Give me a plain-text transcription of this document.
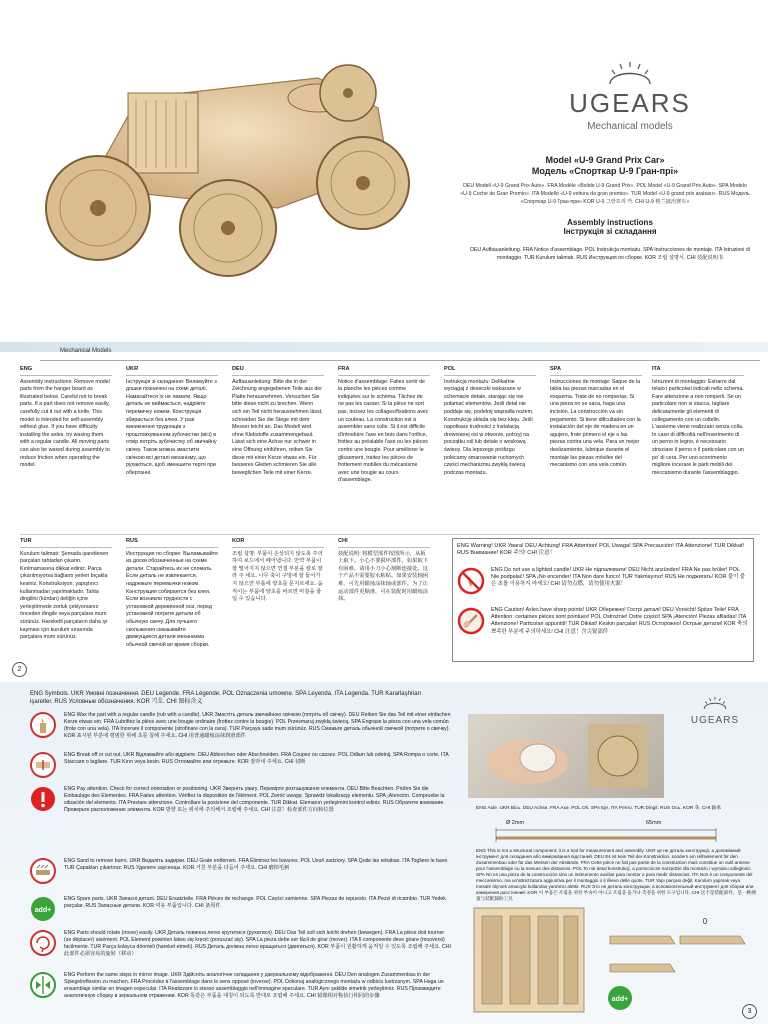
UGEARS
Mechanical models
Model «U-9 Grand Prix Car»
Модель «Спорткар U-9 Гран-прі»
DEU Modell «U-9 Grand Prix Auto». FRA Modèle «Bolide U-9 Grand Prix». POL Model «U-9 Grand Prix Auto». SPA Modelo «U-9 Coche de Gran Premio». ITA Modello «U-9 vettura da gran premio». TUR Model «U-9 grand prix arabası». RUS Модель «Спорткар U-9 Гран-при» KOR U-9 그랑프리 카. CHI U-9 格兰披治赛车»
Assembly instructions
Інструкція зі складання
DEU Aufbauanleitung. FRA Notice d'assemblage. POL Instrukcja montażu. SPA Instrucciones de montaje. ITA Istruzioni di montaggio. TUR Kurulum talimatı. RUS Инструкция по сборке. KOR 조립 설명서. CHI 装配说明书
Mechanical Models
ENG
Assembly instructions: Remove model parts from the hanger board as illustrated below. Careful not to break parts. If a part does not remove easily, carefully cut it out with a knife. This model is intended for self-assembly without glue. If you have difficulty installing the axles, try waxing them with a regular candle. All moving parts can also be waxed during assembly to reduce friction when operating the model.
UKR
Інструкція зі складання: Виламуйте з дошки позначені на схемі деталі. Намагайтеся їх не ламати. Якщо деталь не виймається, надріжте перемичку ножем. Конструкція збирається без клею. У разі виникнення труднощів з проштовхуванням зубочистки (вісі) в отвір потріть зубочистку об звичайну свічку. Також можна змастити свічкою всі деталі механізму, що рухаються, щоб зменшити тертя при обертанні.
DEU
Aufbauanleitung: Bitte die in der Zeichnung angegebenen Teile aus der Platte herausnehmen. Versuchen Sie bitte diese nicht zu brechen. Wenn sich ein Teil nicht herausnehmen lässt, schneiden Sie die Stege mit dem Messer leicht an. Das Modell wird ohne Klebstoffe zusammengebaut. Lässt sich eine Achse nur schwer in eine Öffnung einführen, reiben Sie diese mit einer Kerze etwas ein. Für besseres Gleiten schmieren Sie alle beweglichen Teile mit einer Kerze.
FRA
Notice d'assemblage: Faites sortir de la planche les pièces comme indiquées sur le schéma. Tâchez de ne pas les casser. Si la pièce ne sort pas, incisez les collages/fixations avec un couteau. La construction est à assembler sans colle. Si il est difficile d'introduire l'axe en bois dans l'orifice, frottez au préalable l'axe ou les pièces contre une bougie. Pour améliorer le glissement, traitez les pièces de frottement mobiles du mécanisme avec une bougie au cours d'assemblage.
POL
Instrukcja montażu: Delikatnie wyciągaj z deseczki wskazane w schemacie detale, starając się nie połamać elementów. Jeśli detal nie poddaje się, podetnij wiązadła nożem. Konstrukcję składa się bez kleju. Jeśli napotkasz trudności z instalacją drewnianej osi w otworze, potrzyj na początku ośl lub detale o woskową świecę. Dla lepszego poślizgu polecamy smarowanie ruchomych części mechanizmu zwykłą świecą podczas montażu.
SPA
Instrucciones de montaje: Saque de la tabla las piezas marcadas en el esquema. Trate de no romperlas. Si una pieza no se saca, haga una incisión. La construcción va sin pegamento. Si tiene dificultades con la instalación del eje de madera en un agujero, frote primero el eje o las piezas contra una vela. Para un mejor deslizamiento, lubrique durante el montaje las piezas móviles del mecanismo con una vela común.
ITA
Istruzioni di montaggio: Estrarre dal telaio i particolari indicati nello schema. Fare attenzione a non romperli. Se un particolare non si stacca, tagliare delicatamente gli elementi di collegamento con un coltello. L'assieme viene realizzato senza colla. In caso di difficoltà nell'inserimento di un perno in legno, è necessario strisciare il perno o il particolare con un po' di cera. Per uno scorrimento migliore incerare le parti mobili del meccanismo durante l'assemblaggio.
TUR
Kurulum talimatı: Şemada işaretlenen parçaları tahtadan çıkarın. Kırılmamasına dikkat ediniz. Parça çıkarılmıyorsa bağlantı yerleri bıçakla kesiniz. Konstruksiyon, yapıştırıcı kullanmadan yapılmaktadır. Tahta dingilini (kürdan) deliğin içine yerleştirmede zorluk çekiyorsanız önceden dingile veya parçalara mum sürünüz. Hareketli parçaların daha iyi kayması için kurulum sırasında parçalara mum sürünüz.
RUS
Инструкция по сборке: Выламывайте из доски обозначенные на схеме детали. Старайтесь их не сломать. Если деталь не извлекается, надрежьте перемычки ножом. Конструкция собирается без клея. Если возникли трудности с установкой деревянной оси, перед установкой потрите детали об обычную свечу. Для лучшего скольжения смазывайте движущиеся детали механизма обычной свечой во время сборки.
KOR
조립 설명: 부품이 손상되지 않도록 주의하여 보드에서 떼어냅니다. 만약 부품이 잘 떨어지지 않으면 연결 부분을 칼로 잘라 주 세요. 나무 축이 구멍에 잘 들어가지 않으면 부품에 양초를 문지르세요. 움직이는 부품에 양초를 바르면 마찰을 줄일 수 있습니다.
CHI
装配说明: 将模型部件按图所示，从板上取下。小心不要损坏部件。如果取下有困难，请用小刀小心割断连接处。这个产品不需要胶水粘贴。如果安装轴困难，可先用蜡烛涂抹轴或部件。为了让运动部件更顺滑，可在装配时用蜡烛涂抹。
ENG Warning! UKR Увага! DEU Achtung! FRA Attention! POL Uwaga! SPA Precaución! ITA Attenzione! TUR Dikkat! RUS Внимание! KOR 주의! CHI 注意！
ENG Do not use a lighted candle! UKR Не підпалювати! DEU Nicht anzünden! FRA Ne pas brûler! POL Nie podpalać! SPA ¡No encender! ITA Non dare fuoco! TUR Yakmayınız! RUS Не поджигать! KOR 불이 붙은 초를 이용하지 마세요! CHI 请勿点燃，请勿使用火源！
ENG Caution! Axles have sharp points! UKR Обережно! Гострі деталі! DEU Vorsicht! Spitze Teile! FRA Attention: certaines pièces sont pointues! POL Ostrożnie! Ostre części! SPA ¡Atención! Piezas afiladas! ITA Attenzione! Particolari appuntiti! TUR Dikkat! Keskin parçalar! RUS Осторожно! Острые детали! KOR 축의 뾰족한 부분에 주의하세요! CHI 注意！含尖锐部件
2
ENG Symbols. UKR Умовні позначення. DEU Legende. FRA Légende. POL Oznaczenia umowne. SPA Leyenda. ITA Legenda. TUR Kararlaşhrian işaretler. RUS Условные обозначения. KOR 기호. CHI 图标含义
ENG Wax the part with a regular candle (rub with a candle). UKR Змастіть деталь звичайною свічкою (потріть об свічку). DEU Reiben Sie das Teil mit einer einfachen Kerze etwas ein. FRA Lubrifiez la pièce avec une bougie ordinaire (frottez contre la bougie). POL Przesmaruj zwykłą świecą. SPA Engrase la pieza con una vela común (frote con una vela). ITA Incerare il componente (strofinare con la cera). TUR Parçaya sade mum sürünüz. RUS Смажьте деталь обычной свечкой (потрите о свечку). KOR 표시된 부분에 평범한 위해 초를 칠해 주세요. CHI 用普通蜡烛涂抹润滑部件
ENG Break off or cut out. UKR Відламайте або відріжте. DEU Abbrechen oder Abschneiden. FRA Coupez ou cassez. POL Odłam lub odetnij. SPA Rompa o corte. ITA Staccare o tagliare. TUR Kırın veya kesin. RUS Отломайте или отрежьте. KOR 잘라내 주세요. CHI 切断
ENG Pay attention. Check for correct orientation or positioning. UKR Зверніть увагу. Перевірте розташування елемента. DEU Bitte Beachten. Prüfen Sie die Einbaulage des Elementes. FRA Faites attention. Vérifiez la disposition de l'élément. POL Zwróć uwagę. Sprawdź lokalizację elementu. SPA ¡Atención. Compruebe la situación del elemento. ITA Prestare attenzione. Controllare la posizione del componente. TUR Dikkat. Elemanın yerleşimini kontrol ediniz. RUS Обратите внимание. Проверьте расположение элемента. KOR 방향 또는 위치에 주의해서 조립해 주세요. CHI 注意！检查部件方向和位置
ENG Sand to remove burrs. UKR Видаліть задирки. DEU Grate entfernen. FRA Éliminez les bavures. POL Usuń zadziory. SPA Quite las rebabas. ITA Togliere le bave. TUR Çapakları çıkartınız. RUS Удалите заусенцы. KOR 거친 부분을 다듬어 주세요. CHI 磨掉毛刺
add+
ENG Spare parts. UKR Запасні деталі. DEU Ersatzteile. FRA Pièces de rechange. POL Części zamienne. SPA Piezas de repuesto. ITA Pezzi di ricambio. TUR Yedek parçalar. RUS Запасные детали. KOR 여유 부품입니다. CHI 备用件
ENG Parts should rotate (move) easily. UKR Деталь повинна легко крутитися (рухатися). DEU Das Teil soll sich leicht drehen (bewegen). FRA La pièce doit tourner (se déplacer) aisément. POL Element powinien łatwo się kręcić (poruszać się). SPA La pieza debe ser fácil de girar (mover). ITA Il componente deve girare (muoversi) facilmente. TUR Parça kolayca dönmeli (hareket etmeli). RUS Деталь должна легко вращаться (двигаться). KOR 부품이 원활하게 움직일 수 있도록 조립해 주세요. CHI 此部件必须容易的旋转（移动）
ENG Perform the same steps in mirror image. UKR Здійсніть аналогічне складання у дзеркальному відображенні. DEU Den analogen Zusammenbau in der Spiegelreflexion zu machen. FRA Procédez à l'assemblage dans le sens opposé (inverse). POL Dokonaj analogicznego montażu w odbiciu lustrzanym. SPA Haga un ensamblaje similar en imagen especular. ITA Realizzare lo stesso assemblaggio nell'immagine speculare. TUR Aynı şekilde simetrik yerleştiriniz. RUS Произведите аналогичную сборку в зеркальном отражении. KOR 똑같은 부품을 대칭이 되도록 반대로 조립해 주세요. CHI 镜像相对称执行相同的步骤
UGEARS
ENG Axle. UKR Вісь. DEU Achse. FRA Axe. POL Oś. SPA Eje. ITA Perno. TUR Dingil. RUS Ось. KOR 축. CHI 轴承
Ø 2mm	65mm
ENG This is not a structural component; it is a tool for measurement and assembly. UKR це не деталь конструкції, а допоміжний інструмент для складання або вимірювання відстаней. DEU Es ist kein Teil der Konstruktion, sondern ein Hilfselement für den Zusammenbau oder für das Messen der Abstände. FRA Cette pièce ne fait pas partie de la construction mais constitue un outil annexe pour l'assemblage ou la mesure des distances. POL To nie detal konstrukcji, a pomocnicze narzędzie dla montażu i wymiaru odległości. SPA No es una pieza de la construcción sino un instrumento auxiliar para montar o para medir distancias. ITA Non è un componente del meccanismo, ma un'attrezzatura aggiuntiva per il montaggio o il rilievo delle quote. TUR Yapı parçası değil, Kurulum yapmak veya mesafe ölçmek amacıyla kullanılan yardımcı alettir. RUS Это не деталь конструкции, а вспомогательный инструмент для сборки или измерения расстояний. KOR 이 부품은 조립을 위한 부속이 아니고 조립을 돕거나 측정을 위한 도구입니다. CHI 这不是装配部件，是一种测量与装配辅助工具
add+
0
3
